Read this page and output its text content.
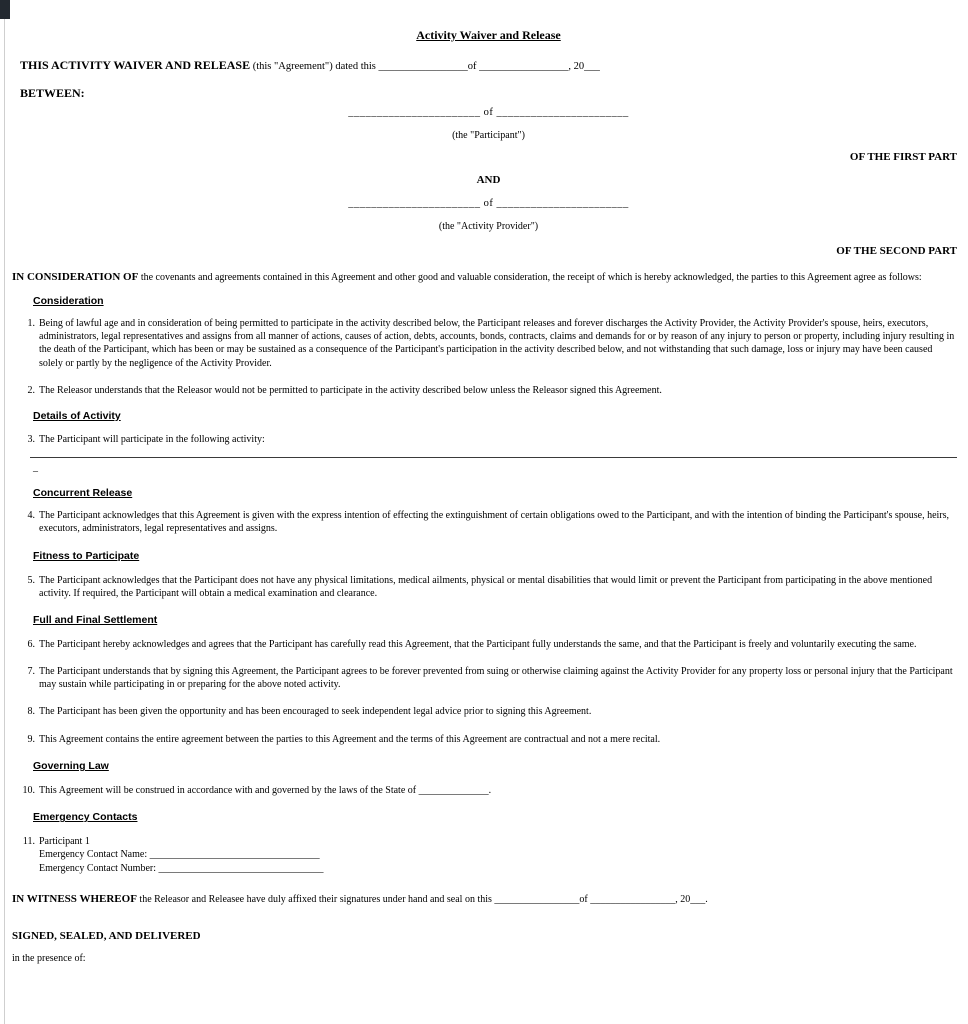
Activity Waiver and Release

THIS ACTIVITY WAIVER AND RELEASE (this "Agreement") dated this _________________of _________________, 20___

BETWEEN:
_______________________ of _______________________
(the "Participant")
OF THE FIRST PART
AND
_______________________ of _______________________
(the "Activity Provider")
OF THE SECOND PART

IN CONSIDERATION OF the covenants and agreements contained in this Agreement and other good and valuable consideration, the receipt of which is hereby acknowledged, the parties to this Agreement agree as follows:

Consideration
1. Being of lawful age and in consideration of being permitted to participate in the activity described below, the Participant releases and forever discharges the Activity Provider, the Activity Provider's spouse, heirs, executors, administrators, legal representatives and assigns from all manner of actions, causes of action, debts, accounts, bonds, contracts, claims and demands for or by reason of any injury to person or property, including injury resulting in the death of the Participant, which has been or may be sustained as a consequence of the Participant's participation in the activity described below, and not withstanding that such damage, loss or injury may have been caused solely or partly by the negligence of the Activity Provider.
2. The Releasor understands that the Releasor would not be permitted to participate in the activity described below unless the Releasor signed this Agreement.
Details of Activity
3. The Participant will participate in the following activity:
_
Concurrent Release
4. The Participant acknowledges that this Agreement is given with the express intention of effecting the extinguishment of certain obligations owed to the Participant, and with the intention of binding the Participant's spouse, heirs, executors, administrators, legal representatives and assigns.
Fitness to Participate
5. The Participant acknowledges that the Participant does not have any physical limitations, medical ailments, physical or mental disabilities that would limit or prevent the Participant from participating in the above mentioned activity. If required, the Participant will obtain a medical examination and clearance.
Full and Final Settlement
6. The Participant hereby acknowledges and agrees that the Participant has carefully read this Agreement, that the Participant fully understands the same, and that the Participant is freely and voluntarily executing the same.
7. The Participant understands that by signing this Agreement, the Participant agrees to be forever prevented from suing or otherwise claiming against the Activity Provider for any property loss or personal injury that the Participant may sustain while participating in or preparing for the above noted activity.
8. The Participant has been given the opportunity and has been encouraged to seek independent legal advice prior to signing this Agreement.
9. This Agreement contains the entire agreement between the parties to this Agreement and the terms of this Agreement are contractual and not a mere recital.
Governing Law
10. This Agreement will be construed in accordance with and governed by the laws of the State of ______________.
Emergency Contacts
11. Participant 1
Emergency Contact Name: __________________________________
Emergency Contact Number: _________________________________

IN WITNESS WHEREOF the Releasor and Releasee have duly affixed their signatures under hand and seal on this _________________of _________________, 20___.

SIGNED, SEALED, AND DELIVERED
in the presence of:
